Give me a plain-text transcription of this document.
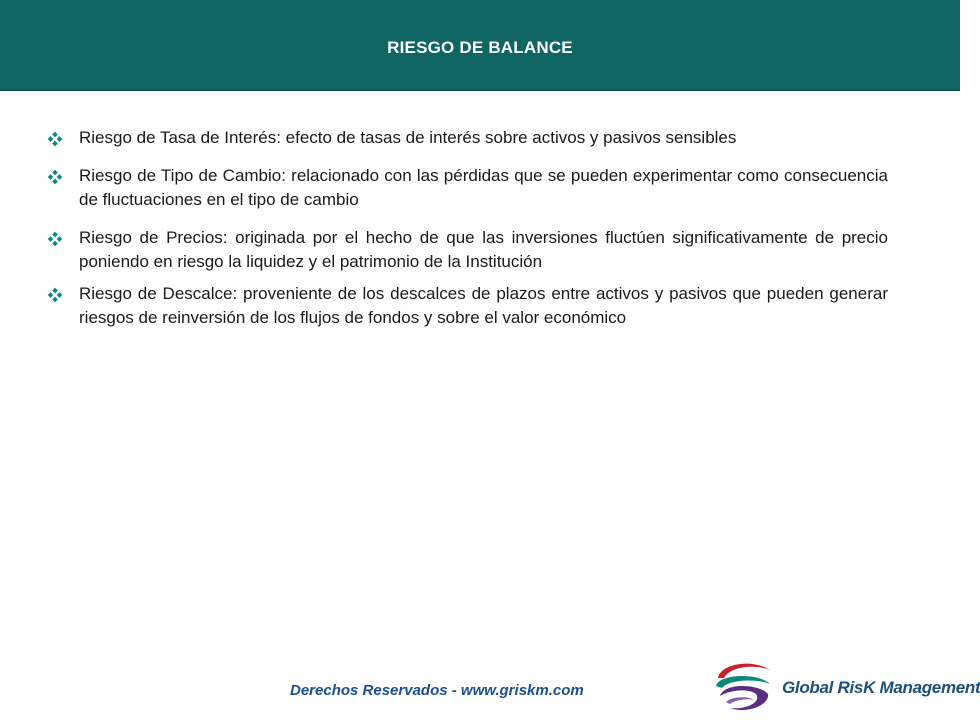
RIESGO DE BALANCE
Riesgo de Tasa de Interés: efecto de tasas de interés sobre activos y pasivos sensibles
Riesgo de Tipo de Cambio: relacionado con las pérdidas que se pueden experimentar como consecuencia de fluctuaciones en el tipo de cambio
Riesgo de Precios: originada por el hecho de que las inversiones fluctúen significativamente de precio poniendo en riesgo la liquidez y el patrimonio de la Institución
Riesgo de Descalce: proveniente de los descalces de plazos entre activos y pasivos que pueden generar riesgos de reinversión de los flujos de fondos y sobre el valor económico
Derechos Reservados - www.griskm.com	Global RisK Management
